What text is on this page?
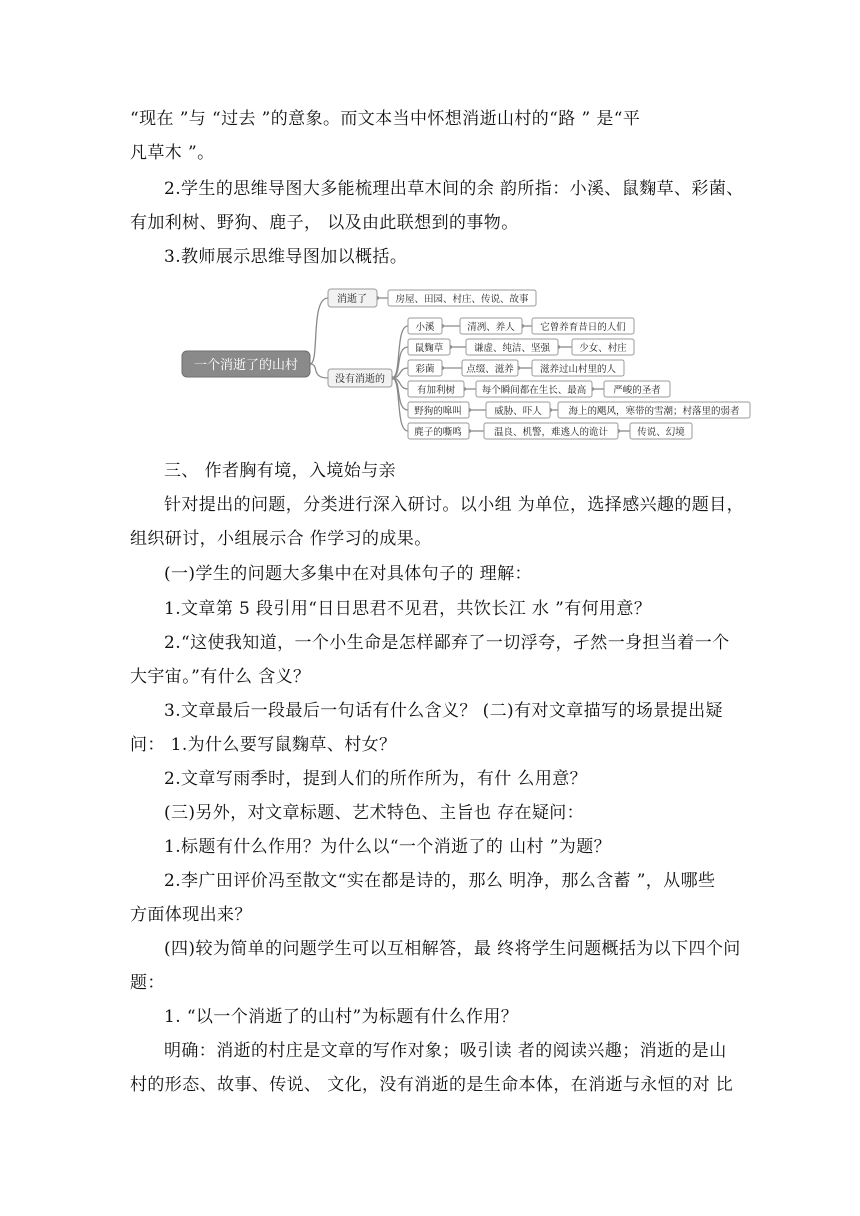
“现在 ”与 “过去 ”的意象。而文本当中怀想消逝山村的“路 ” 是“平
凡草木 ”。
2.学生的思维导图大多能梳理出草木间的余 韵所指：小溪、鼠麴草、彩菌、
有加利树、野狗、鹿子， 以及由此联想到的事物。
3.教师展示思维导图加以概括。
一个消逝了的山村
消逝了	房屋、田园、村庄、传说、故事
没有消逝的
小溪	清冽、养人	它曾养育昔日的人们
鼠麴草	谦虚、纯洁、坚强	少女、村庄
彩菌	点缀、滋养	滋养过山村里的人
有加利树	每个瞬间都在生长、最高	严峻的圣者
野狗的嗥叫	威胁、吓人	海上的飓风，寒带的雪潮；村落里的弱者
麂子的嘶鸣	温良、机警，难逃人的诡计	传说、幻境
三、 作者胸有境，入境始与亲
针对提出的问题，分类进行深入研讨。以小组 为单位，选择感兴趣的题目，
组织研讨，小组展示合 作学习的成果。
(一)学生的问题大多集中在对具体句子的 理解：
1.文章第 5 段引用“日日思君不见君，共饮长江 水 ”有何用意？
2.“这使我知道，一个小生命是怎样鄙弃了一切浮夸，孑然一身担当着一个
大宇宙。”有什么 含义？
3.文章最后一段最后一句话有什么含义？ (二)有对文章描写的场景提出疑
问： 1.为什么要写鼠麴草、村女？
2.文章写雨季时，提到人们的所作所为，有什 么用意？
(三)另外，对文章标题、艺术特色、主旨也 存在疑问：
1.标题有什么作用？为什么以“一个消逝了的 山村 ”为题？
2.李广田评价冯至散文“实在都是诗的，那么 明净，那么含蓄 ”，从哪些
方面体现出来？
(四)较为简单的问题学生可以互相解答，最 终将学生问题概括为以下四个问
题：
1. “以一个消逝了的山村”为标题有什么作用？
明确：消逝的村庄是文章的写作对象；吸引读 者的阅读兴趣；消逝的是山
村的形态、故事、传说、 文化，没有消逝的是生命本体，在消逝与永恒的对 比
